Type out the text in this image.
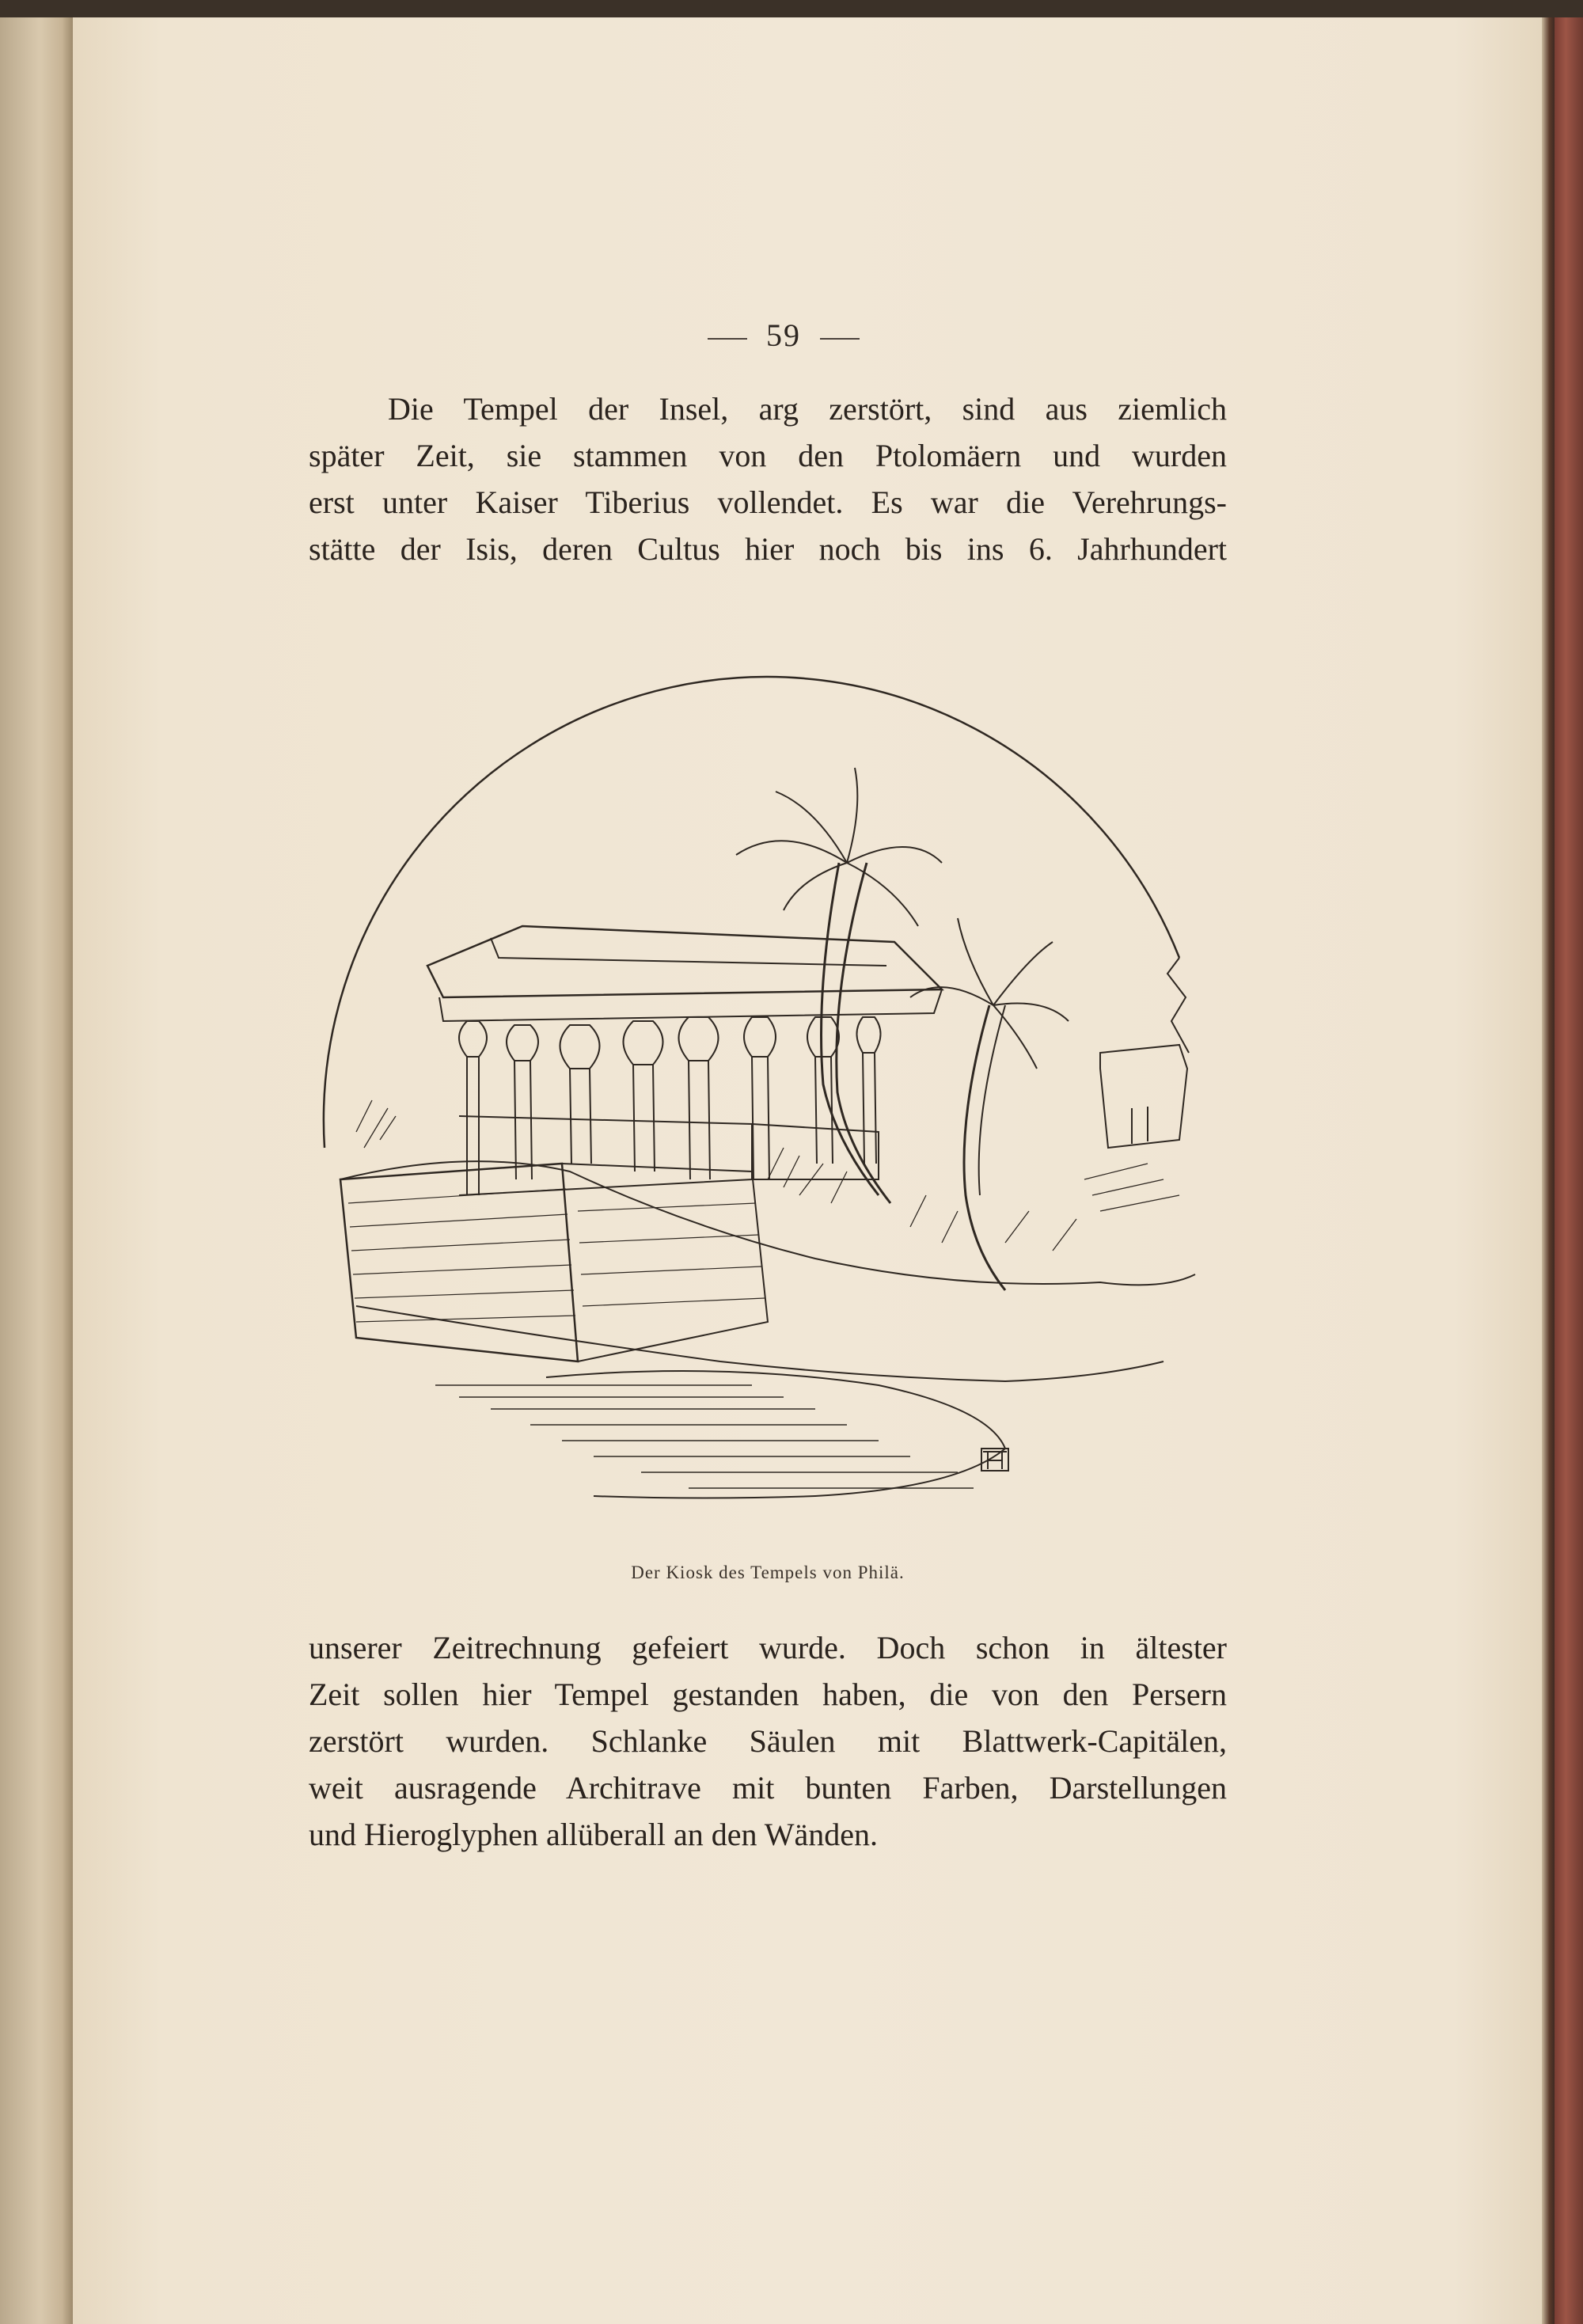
59
Die Tempel der Insel, arg zerstört, sind aus ziemlich
später Zeit, sie stammen von den Ptolomäern und wurden
erst unter Kaiser Tiberius vollendet. Es war die Verehrungs-
stätte der Isis, deren Cultus hier noch bis ins 6. Jahrhundert
Der Kiosk des Tempels von Philä.
unserer Zeitrechnung gefeiert wurde. Doch schon in ältester
Zeit sollen hier Tempel gestanden haben, die von den Persern
zerstört wurden. Schlanke Säulen mit Blattwerk-Capitälen,
weit ausragende Architrave mit bunten Farben, Darstellungen
und Hieroglyphen allüberall an den Wänden.
